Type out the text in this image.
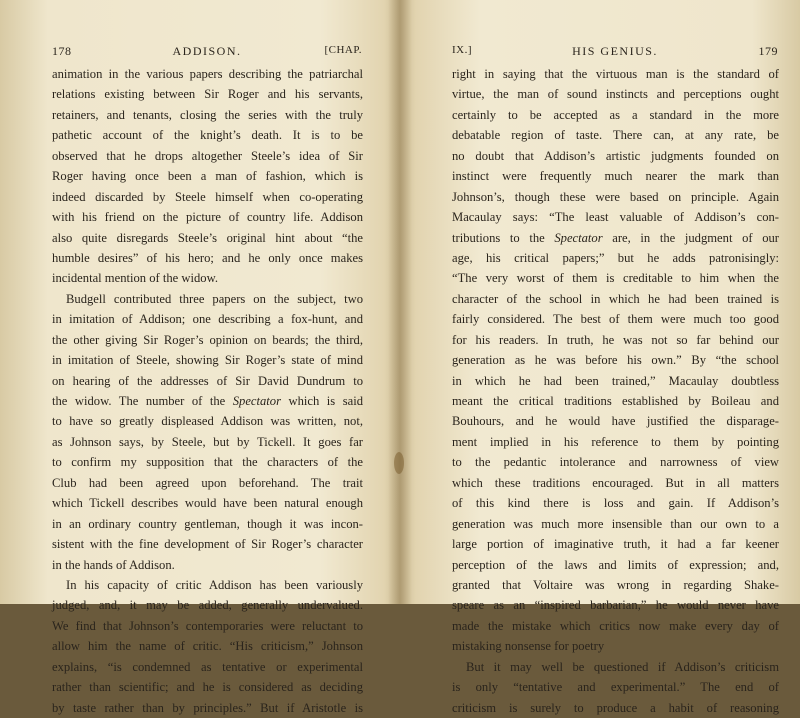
178	ADDISON.	[CHAP.
animation in the various papers describing the patriarchal
relations existing between Sir Roger and his servants,
retainers, and tenants, closing the series with the truly
pathetic account of the knight’s death. It is to be
observed that he drops altogether Steele’s idea of Sir
Roger having once been a man of fashion, which is
indeed discarded by Steele himself when co-operating
with his friend on the picture of country life. Addison
also quite disregards Steele’s original hint about “the
humble desires” of his hero; and he only once makes
incidental mention of the widow.
Budgell contributed three papers on the subject, two
in imitation of Addison; one describing a fox-hunt, and
the other giving Sir Roger’s opinion on beards; the third,
in imitation of Steele, showing Sir Roger’s state of mind
on hearing of the addresses of Sir David Dundrum to
the widow. The number of the Spectator which is said
to have so greatly displeased Addison was written, not,
as Johnson says, by Steele, but by Tickell. It goes far
to confirm my supposition that the characters of the
Club had been agreed upon beforehand. The trait
which Tickell describes would have been natural enough
in an ordinary country gentleman, though it was incon-
sistent with the fine development of Sir Roger’s character
in the hands of Addison.
In his capacity of critic Addison has been variously
judged, and, it may be added, generally undervalued.
We find that Johnson’s contemporaries were reluctant to
allow him the name of critic. “His criticism,” Johnson
explains, “is condemned as tentative or experimental
rather than scientific; and he is considered as deciding
by taste rather than by principles.” But if Aristotle is
IX.]	HIS GENIUS.	179
right in saying that the virtuous man is the standard of
virtue, the man of sound instincts and perceptions ought
certainly to be accepted as a standard in the more
debatable region of taste. There can, at any rate, be
no doubt that Addison’s artistic judgments founded on
instinct were frequently much nearer the mark than
Johnson’s, though these were based on principle. Again
Macaulay says: “The least valuable of Addison’s con-
tributions to the Spectator are, in the judgment of our
age, his critical papers;” but he adds patronisingly:
“The very worst of them is creditable to him when the
character of the school in which he had been trained is
fairly considered. The best of them were much too good
for his readers. In truth, he was not so far behind our
generation as he was before his own.” By “the school
in which he had been trained,” Macaulay doubtless
meant the critical traditions established by Boileau and
Bouhours, and he would have justified the disparage-
ment implied in his reference to them by pointing
to the pedantic intolerance and narrowness of view
which these traditions encouraged. But in all matters
of this kind there is loss and gain. If Addison’s
generation was much more insensible than our own to a
large portion of imaginative truth, it had a far keener
perception of the laws and limits of expression; and,
granted that Voltaire was wrong in regarding Shake-
speare as an “inspired barbarian,” he would never have
made the mistake which critics now make every day of
mistaking nonsense for poetry
But it may well be questioned if Addison’s criticism
is only “tentative and experimental.” The end of
criticism is surely to produce a habit of reasoning
